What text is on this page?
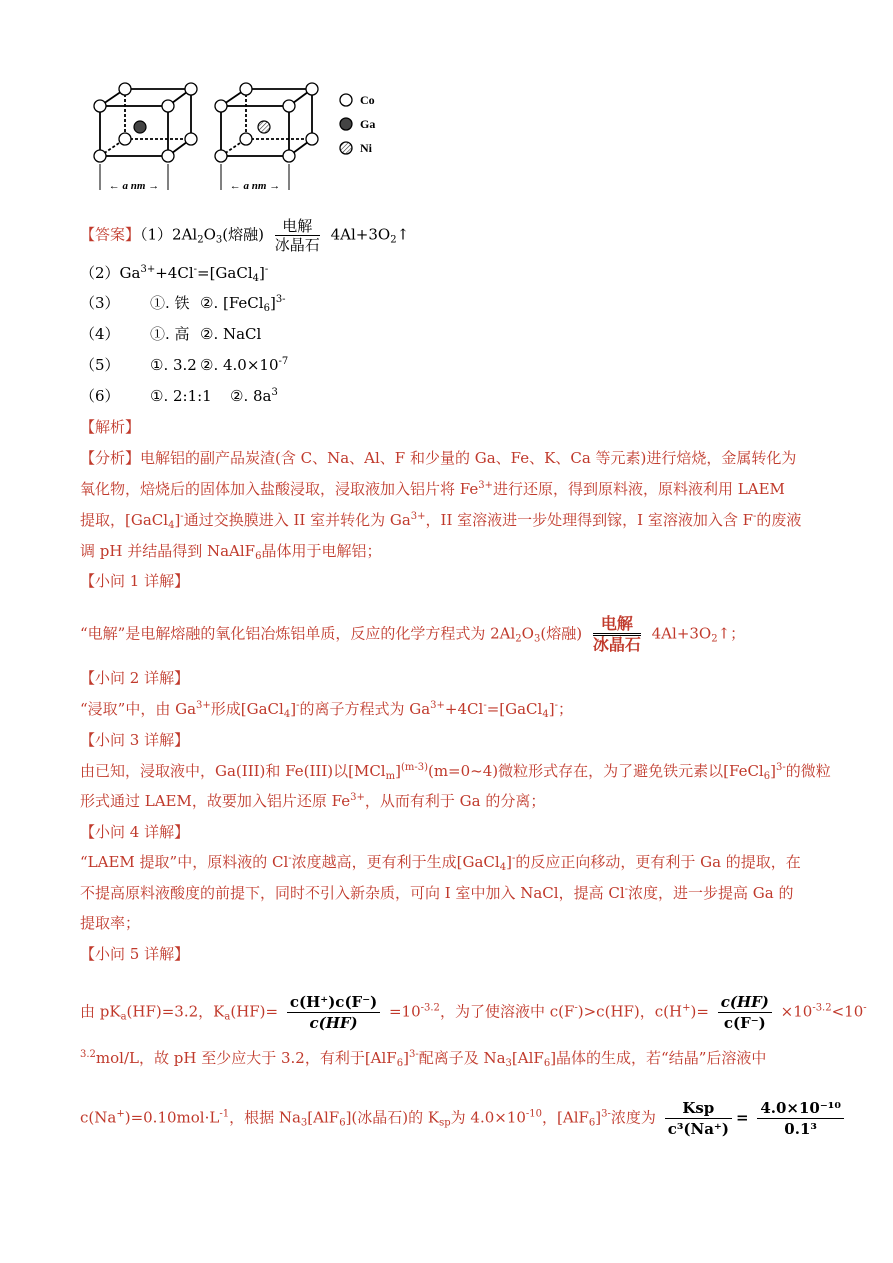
← a nm →	← a nm →
Co
Ga
Ni
【答案】$(1)2Al_2O_3$(熔融)	电解
冰晶石
$4Al+3O_2↑$
$(2)Ga^{3+}+4Cl^-=[GaCl_4]^-$
（3） ①. 铁 ②. [FeCl$_6$]$^{3-}$
（4） ①. 高 ②. NaCl
（5） ①. 3.2 ②. $4.0\times 10^{-7}$
（6） ①. 2:1:1 ②. $8a^3$
【解析】
【分析】电解铝的副产品炭渣(含 C、Na、Al、F 和少量的 Ga、Fe、K、Ca 等元素)进行焙烧，金属转化为
氧化物，焙烧后的固体加入盐酸浸取，浸取液加入铝片将 $Fe^{3+}$进行还原，得到原料液，原料液利用 LAEM
提取，[GaCl$_4$]-通过交换膜进入 II 室并转化为 $Ga^{3+}$，II 室溶液进一步处理得到镓，I 室溶液加入含 F-的废液
调 pH 并结晶得到 NaAlF$_6$晶体用于电解铝；
【小问 1 详解】
“电解”是电解熔融的氧化铝冶炼铝单质，反应的化学方程式为 $2Al_2O_3$(熔融)
电解
冰晶石
$4Al+3O_2↑$；
【小问 2 详解】
“浸取”中，由 $Ga^{3+}$形成[GaCl$_4$]-的离子方程式为 $Ga^{3+}+4Cl^-=[GaCl_4]^-$；
【小问 3 详解】
由已知，浸取液中，Ga(III)和 Fe(III)以$[MCl_m]^{(m-3)}(m=0\sim 4)$微粒形式存在，为了避免铁元素以[FeCl$_6$]$^{3-}$的微粒
形式通过 LAEM，故要加入铝片还原 $Fe^{3+}$，从而有利于 Ga 的分离；
【小问 4 详解】
“LAEM 提取”中，原料液的 Cl-浓度越高，更有利于生成[GaCl$_4$]-的反应正向移动，更有利于 Ga 的提取，在
不提高原料液酸度的前提下，同时不引入新杂质，可向 I 室中加入 NaCl，提高 Cl-浓度，进一步提高 Ga 的
提取率；
【小问 5 详解】
由 $pK_a(HF)=3.2$，$K_a(HF)= \frac{c(H^+)c(F^-)}{c(HF)} =10^{-3.2}$，为了使溶液中 c(F-)>c(HF)，$c(H^+)= \frac{c(HF)}{c(F^-)} \times 10^{-3.2}<10^-$
$^{3.2}$mol/L，故 pH 至少应大于 3.2，有利于$[AlF_6]^{3-}$配离子及 $Na_3[AlF_6]$晶体的生成，若“结晶”后溶液中
$c(Na^+)=0.10mol\cdot L^{-1}$，根据 $Na_3[AlF_6]$(冰晶石)的 $K_{sp}$为 $4.0\times 10^{-10}$，$[AlF_6]^{3-}$浓度为 $\frac{\text{Ksp}}{\text{c³(Na⁺)}} = \frac{\text{4.0×10⁻¹⁰}}{\text{0.1³}}$
